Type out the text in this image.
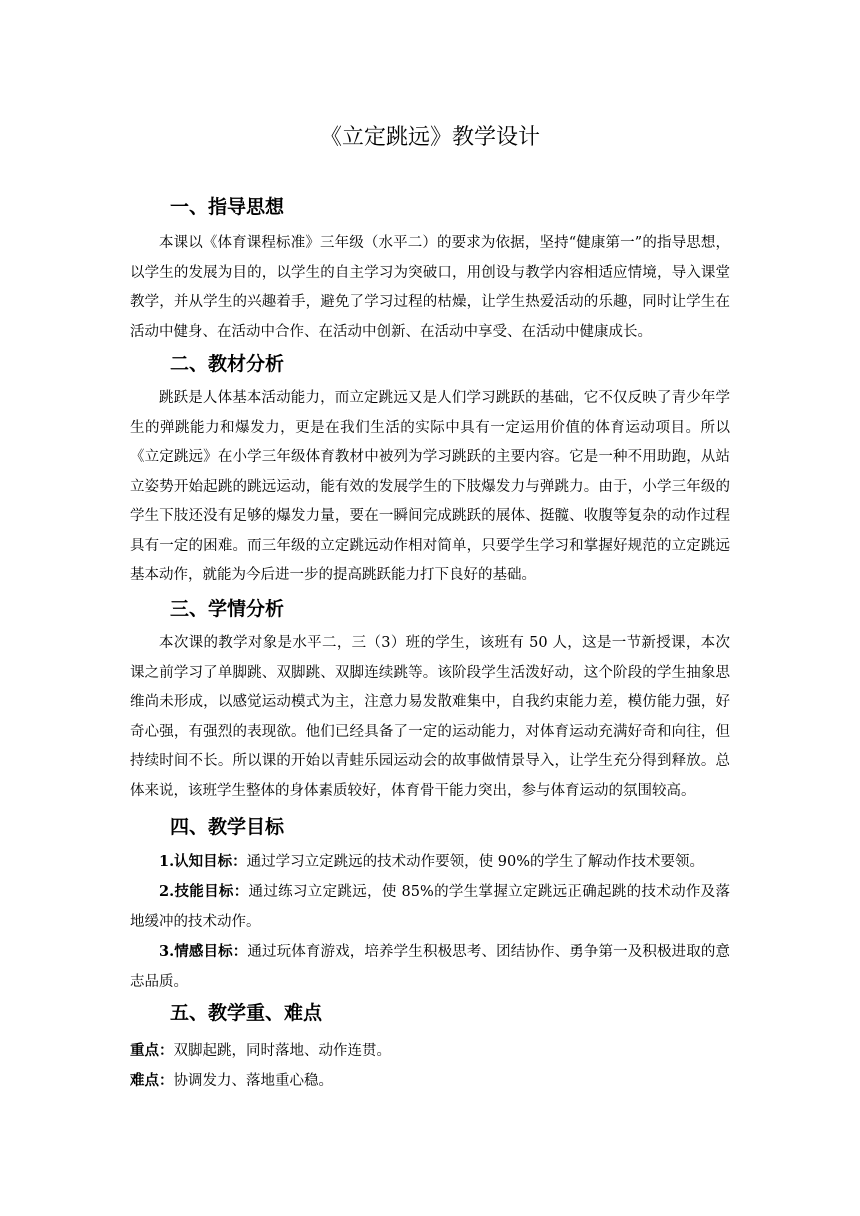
《立定跳远》教学设计
一、指导思想
本课以《体育课程标准》三年级（水平二）的要求为依据，坚持“健康第一”的指导思想，以学生的发展为目的，以学生的自主学习为突破口，用创设与教学内容相适应情境，导入课堂教学，并从学生的兴趣着手，避免了学习过程的枯燥，让学生热爱活动的乐趣，同时让学生在活动中健身、在活动中合作、在活动中创新、在活动中享受、在活动中健康成长。
二、教材分析
跳跃是人体基本活动能力，而立定跳远又是人们学习跳跃的基础，它不仅反映了青少年学生的弹跳能力和爆发力，更是在我们生活的实际中具有一定运用价值的体育运动项目。所以《立定跳远》在小学三年级体育教材中被列为学习跳跃的主要内容。它是一种不用助跑，从站立姿势开始起跳的跳远运动，能有效的发展学生的下肢爆发力与弹跳力。由于，小学三年级的学生下肢还没有足够的爆发力量，要在一瞬间完成跳跃的展体、挺髋、收腹等复杂的动作过程具有一定的困难。而三年级的立定跳远动作相对简单，只要学生学习和掌握好规范的立定跳远基本动作，就能为今后进一步的提高跳跃能力打下良好的基础。
三、学情分析
本次课的教学对象是水平二，三（3）班的学生，该班有 50 人，这是一节新授课，本次课之前学习了单脚跳、双脚跳、双脚连续跳等。该阶段学生活泼好动，这个阶段的学生抽象思维尚未形成，以感觉运动模式为主，注意力易发散难集中，自我约束能力差，模仿能力强，好奇心强，有强烈的表现欲。他们已经具备了一定的运动能力，对体育运动充满好奇和向往，但持续时间不长。所以课的开始以青蛙乐园运动会的故事做情景导入，让学生充分得到释放。总体来说，该班学生整体的身体素质较好，体育骨干能力突出，参与体育运动的氛围较高。
四、教学目标
1.认知目标：通过学习立定跳远的技术动作要领，使 90%的学生了解动作技术要领。
2.技能目标：通过练习立定跳远，使 85%的学生掌握立定跳远正确起跳的技术动作及落地缓冲的技术动作。
3.情感目标：通过玩体育游戏，培养学生积极思考、团结协作、勇争第一及积极进取的意志品质。
五、教学重、难点
重点：双脚起跳，同时落地、动作连贯。
难点：协调发力、落地重心稳。
